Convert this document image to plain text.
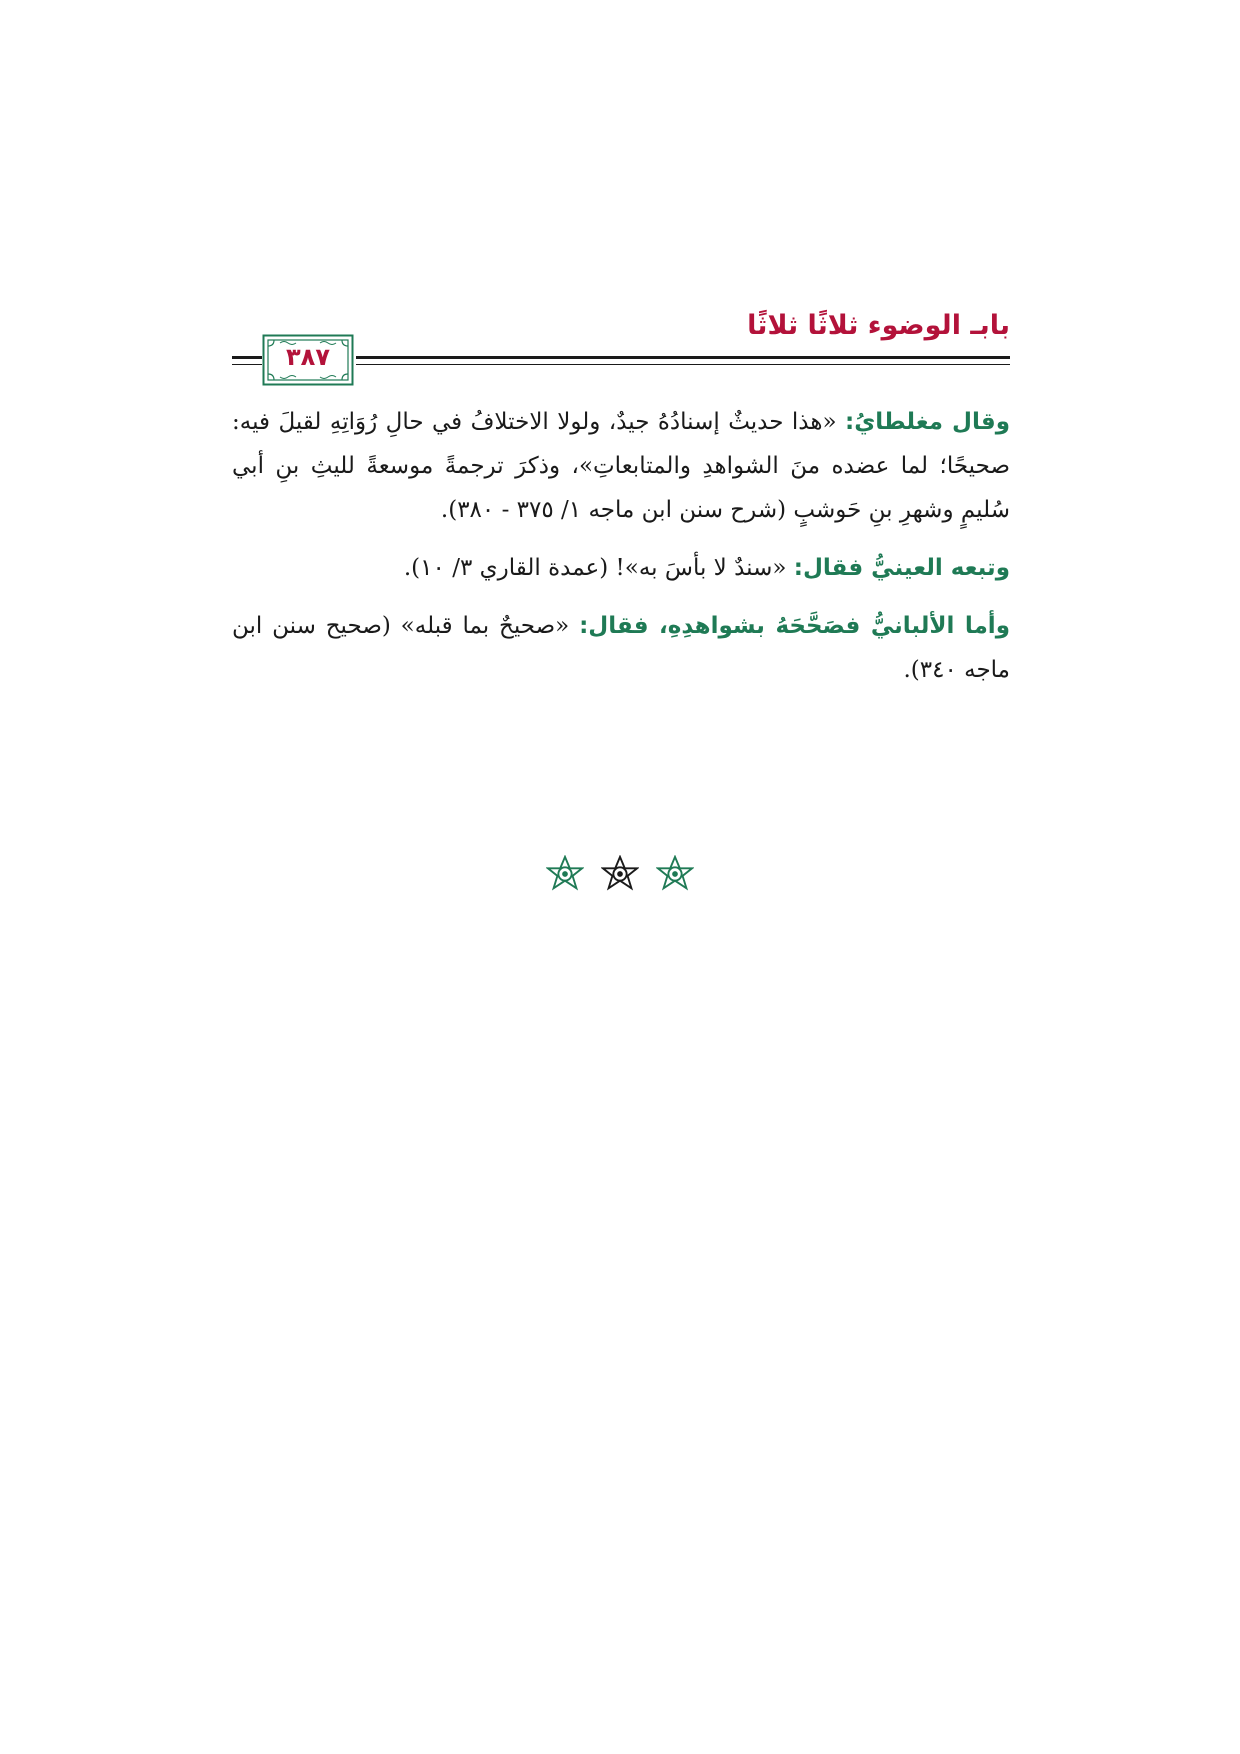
بابـ الوضوء ثلاثًا ثلاثًا
٣٨٧

وقال مغلطايُ: «هذا حديثٌ إسنادُهُ جيدٌ، ولولا الاختلافُ في حالِ رُوَاتِهِ لقيلَ فيه: صحيحًا؛ لما عضده منَ الشواهدِ والمتابعاتِ»، وذكرَ ترجمةً موسعةً لليثِ بنِ أبي سُليمٍ وشهرِ بنِ حَوشبٍ (شرح سنن ابن ماجه ١/ ٣٧٥ - ٣٨٠).

وتبعه العينيُّ فقال: «سندٌ لا بأسَ به»! (عمدة القاري ٣/ ١٠).

وأما الألبانيُّ فصَحَّحَهُ بشواهدِهِ، فقال: «صحيحٌ بما قبله» (صحيح سنن ابن ماجه ٣٤٠).
